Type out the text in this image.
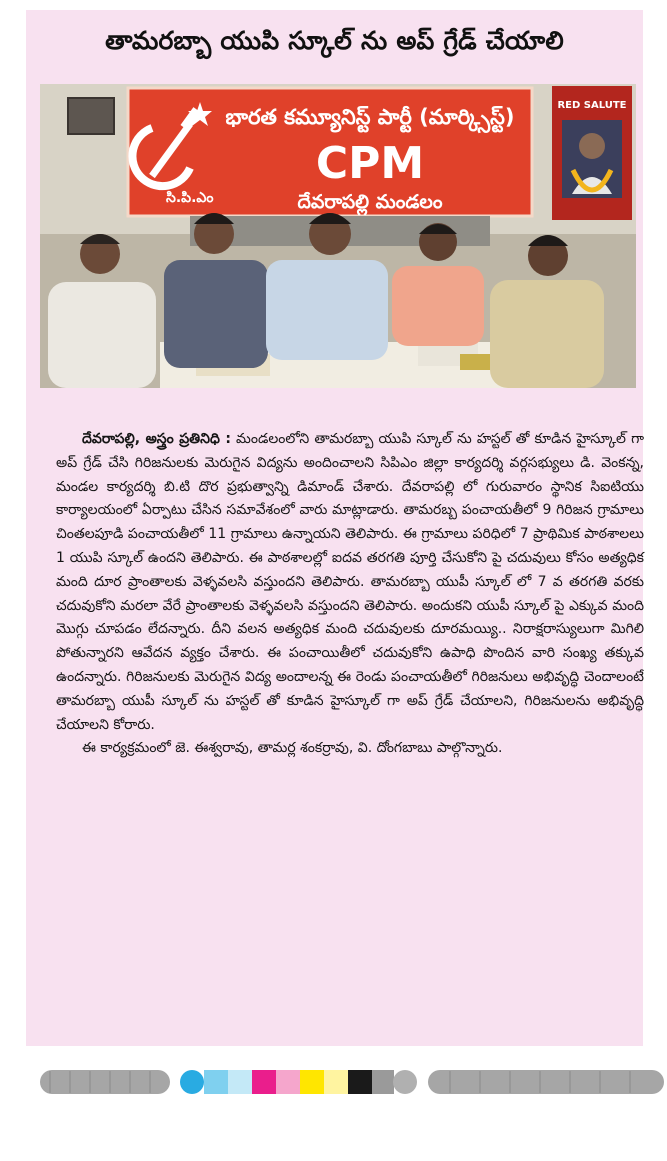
తామరబ్బా యుపి స్కూల్ ను అప్ గ్రేడ్ చేయాలి
సి.పి.ఎం
భారత కమ్యూనిస్ట్ పార్టీ (మార్క్సిస్ట్)
CPM
దేవరాపల్లి మండలం
RED SALUTE

దేవరాపల్లి, అస్త్రం ప్రతినిధి : మండలంలోని తామరబ్బా యుపి స్కూల్ ను హస్టల్ తో కూడిన హైస్కూల్ గా అప్ గ్రేడ్ చేసి గిరిజనులకు మెరుగైన విద్యను అందించాలని సిపిఎం జిల్లా కార్యదర్శి వర్గసభ్యులు డి. వెంకన్న, మండల కార్యదర్శి బి.టి దొర ప్రభుత్వాన్ని డిమాండ్ చేశారు. దేవరాపల్లి లో గురువారం స్థానిక సిఐటియు కార్యాలయంలో ఏర్పాటు చేసిన సమావేశంలో వారు మాట్లాడారు. తామరబ్బ పంచాయతీలో 9 గిరిజన గ్రామాలు చింతలపూడి పంచాయతీలో 11 గ్రామాలు ఉన్నాయని తెలిపారు. ఈ గ్రామాలు పరిధిలో 7 ప్రాథిమిక పాఠశాలలు 1 యుపి స్కూల్ ఉందని తెలిపారు. ఈ పాఠశాలల్లో ఐదవ తరగతి పూర్తి చేసుకోని పై చదువులు కోసం అత్యధిక మంది దూర ప్రాంతాలకు వెళ్ళవలసి వస్తుందని తెలిపారు. తామరబ్బా యుపీ స్కూల్ లో 7 వ తరగతి వరకు చదువుకోని మరలా వేరే ప్రాంతాలకు వెళ్ళవలసి వస్తుందని తెలిపారు. అందుకని యుపీ స్కూల్ పై ఎక్కువ మంది మొగ్గు చూపడం లేదన్నారు. దీని వలన అత్యధిక మంది చదువులకు దూరమయ్యి.. నిరాక్షరాస్యులుగా మిగిలి పోతున్నారని ఆవేదన వ్యక్తం చేశారు. ఈ పంచాయితీలో చదువుకోని ఉపాధి పొందిన వారి సంఖ్య తక్కువ ఉందన్నారు. గిరిజనులకు మెరుగైన విద్య అందాలన్న ఈ రెండు పంచాయతీలో గిరిజనులు అభివృద్ధి చెందాలంటే తామరబ్బా యుపీ స్కూల్ ను హస్టల్ తో కూడిన హైస్కూల్ గా అప్ గ్రేడ్ చేయాలని, గిరిజనులను అభివృద్ధి చేయాలని కోరారు.

ఈ కార్యక్రమంలో జె. ఈశ్వరావు, తామర్ల శంకర్రావు, వి. దోంగబాబు పాల్గొన్నారు.
